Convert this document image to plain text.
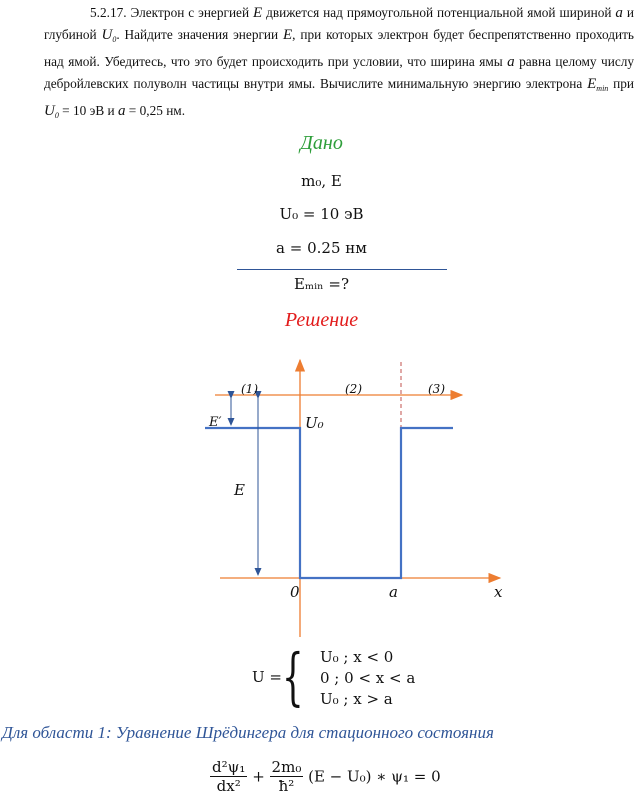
5.2.17. Электрон с энергией E движется над прямоугольной потенциальной ямой шириной a и глубиной $U_0$. Найдите значения энергии E, при которых электрон будет беспрепятственно проходить над ямой. Убедитесь, что это будет происходить при условии, что ширина ямы a равна целому числу дебройлевских полуволн частицы внутри ямы. Вычислите минимальную энергию электрона $E_{min}$ при $U_0 = 10$ эВ и a = 0,25 нм.

Дано
m₀, E
U₀ = 10 эВ
a = 0.25 нм
Eₘᵢₙ =?
Решение
(1)	(2)	(3)
E′	U₀
E
0	a	x
U = { U₀ ; x < 0
0 ; 0 < x < a
U₀ ; x > a
Для области 1: Уравнение Шрёдингера для стационного состояния
$\frac{\text{d²ψ₁}}{\text{dx²}} + \frac{\text{2m₀}}{\text{ħ²}} (E - U_0)$ ∗ ψ₁ = 0
